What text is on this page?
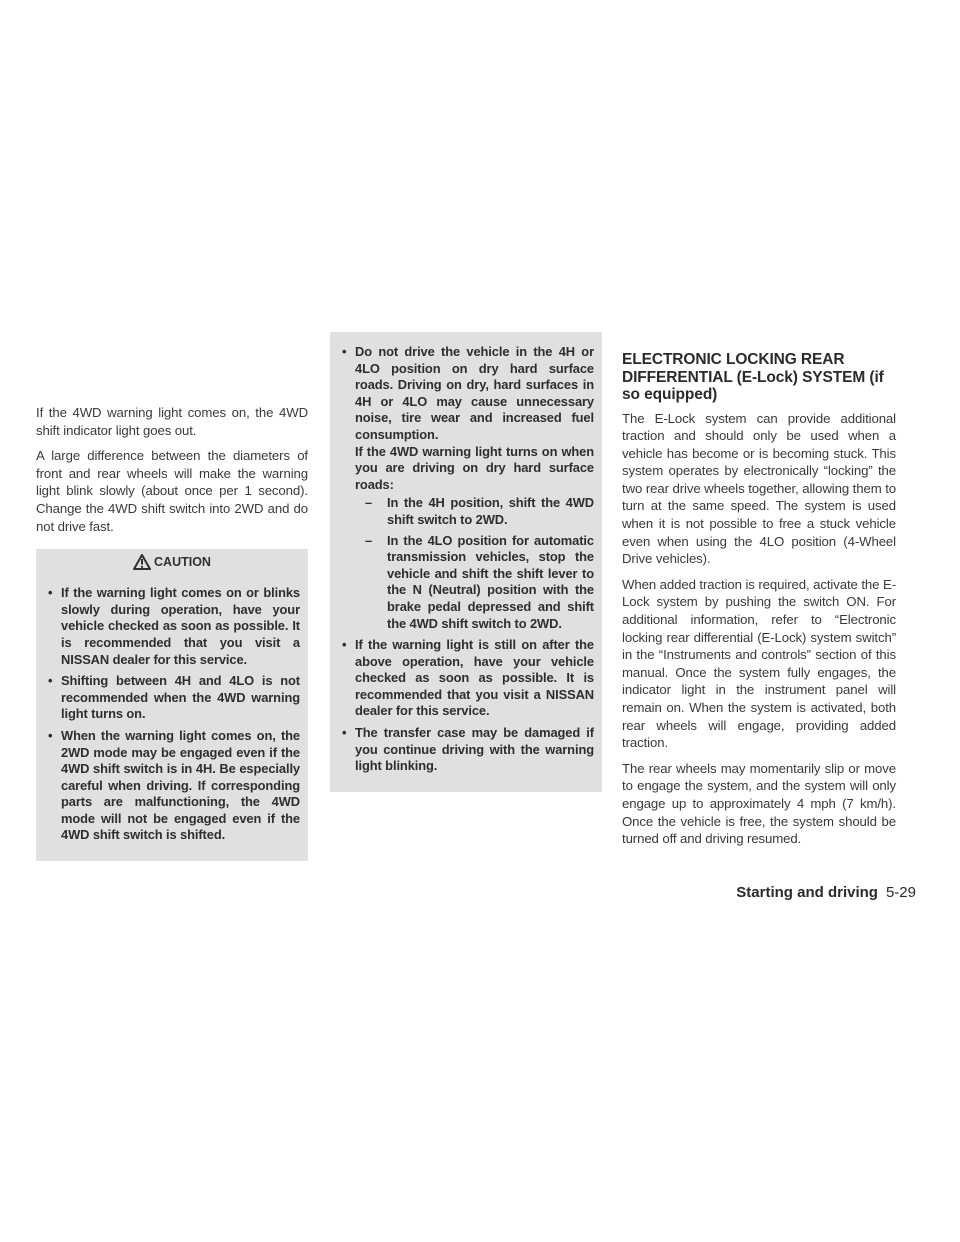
If the 4WD warning light comes on, the 4WD shift indicator light goes out.

A large difference between the diameters of front and rear wheels will make the warning light blink slowly (about once per 1 second). Change the 4WD shift switch into 2WD and do not drive fast.

CAUTION
• If the warning light comes on or blinks slowly during operation, have your vehicle checked as soon as possible. It is recommended that you visit a NISSAN dealer for this service.
• Shifting between 4H and 4LO is not recommended when the 4WD warning light turns on.
• When the warning light comes on, the 2WD mode may be engaged even if the 4WD shift switch is in 4H. Be especially careful when driving. If corresponding parts are malfunctioning, the 4WD mode will not be engaged even if the 4WD shift switch is shifted.
• Do not drive the vehicle in the 4H or 4LO position on dry hard surface roads. Driving on dry, hard surfaces in 4H or 4LO may cause unnecessary noise, tire wear and increased fuel consumption.
If the 4WD warning light turns on when you are driving on dry hard surface roads:
– In the 4H position, shift the 4WD shift switch to 2WD.
– In the 4LO position for automatic transmission vehicles, stop the vehicle and shift the shift lever to the N (Neutral) position with the brake pedal depressed and shift the 4WD shift switch to 2WD.
• If the warning light is still on after the above operation, have your vehicle checked as soon as possible. It is recommended that you visit a NISSAN dealer for this service.
• The transfer case may be damaged if you continue driving with the warning light blinking.
ELECTRONIC LOCKING REAR DIFFERENTIAL (E-Lock) SYSTEM (if so equipped)

The E-Lock system can provide additional traction and should only be used when a vehicle has become or is becoming stuck. This system operates by electronically “locking” the two rear drive wheels together, allowing them to turn at the same speed. The system is used when it is not possible to free a stuck vehicle even when using the 4LO position (4-Wheel Drive vehicles).

When added traction is required, activate the E-Lock system by pushing the switch ON. For additional information, refer to “Electronic locking rear differential (E-Lock) system switch” in the “Instruments and controls” section of this manual. Once the system fully engages, the indicator light in the instrument panel will remain on. When the system is activated, both rear wheels will engage, providing added traction.

The rear wheels may momentarily slip or move to engage the system, and the system will only engage up to approximately 4 mph (7 km/h). Once the vehicle is free, the system should be turned off and driving resumed.

Starting and driving 5-29
